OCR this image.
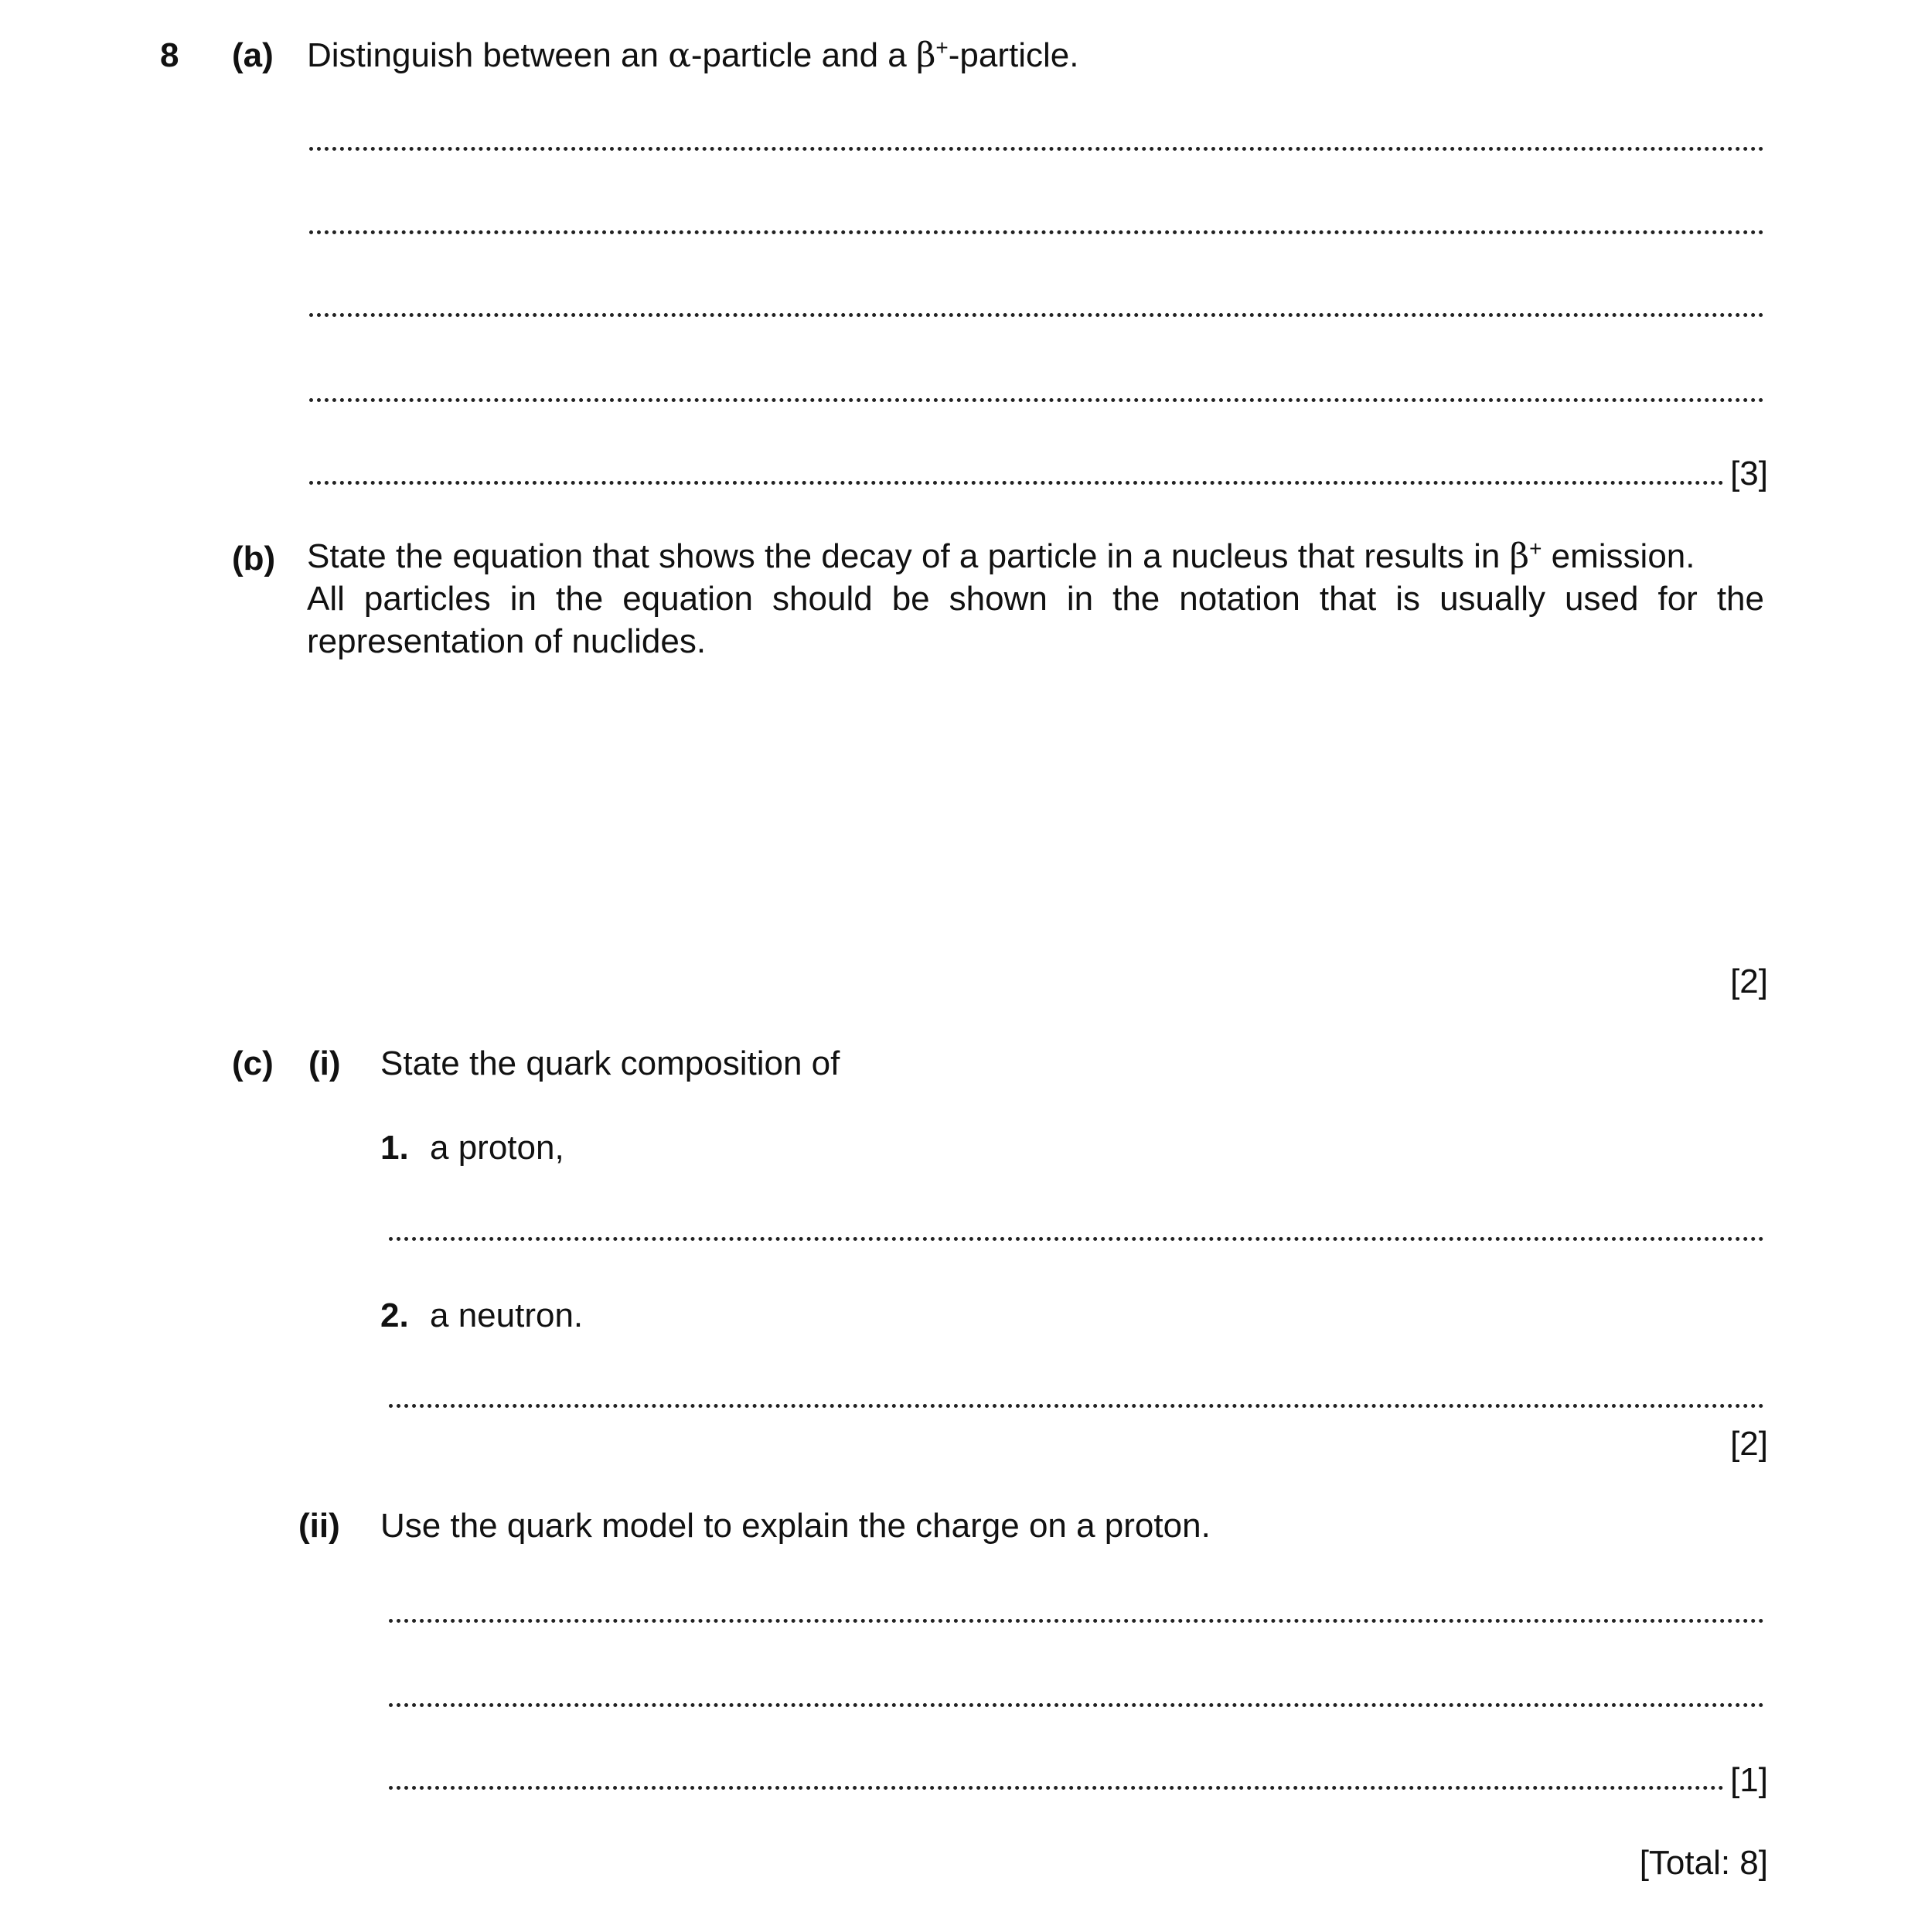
8 (a) Distinguish between an α-particle and a β+-particle.
[3]
(b) State the equation that shows the decay of a particle in a nucleus that results in β+ emission.
All particles in the equation should be shown in the notation that is usually used for the representation of nuclides.
[2]
(c) (i) State the quark composition of
1. a proton,
2. a neutron.
[2]
(ii) Use the quark model to explain the charge on a proton.
[1]
[Total: 8]
